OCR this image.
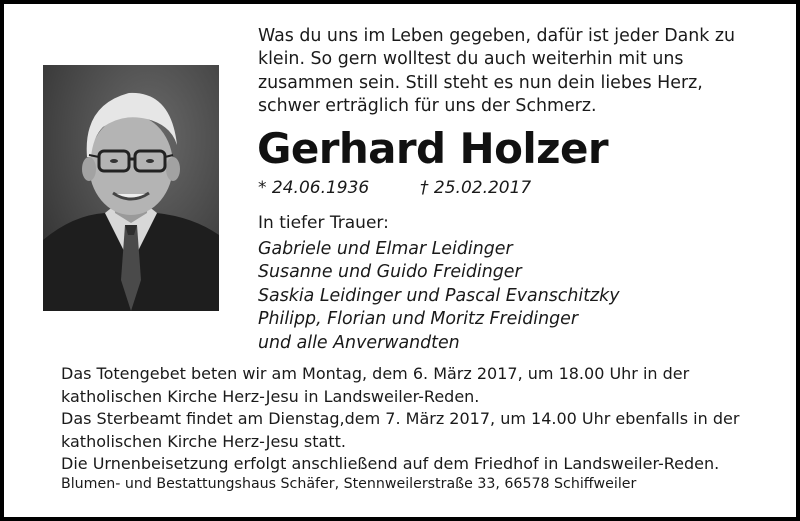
Was du uns im Leben gegeben, dafür ist jeder Dank zu
klein. So gern wolltest du auch weiterhin mit uns
zusammen sein. Still steht es nun dein liebes Herz,
schwer erträglich für uns der Schmerz.
Gerhard Holzer
* 24.06.1936	† 25.02.2017
In tiefer Trauer:
Gabriele und Elmar Leidinger
Susanne und Guido Freidinger
Saskia Leidinger und Pascal Evanschitzky
Philipp, Florian und Moritz Freidinger
und alle Anverwandten
Das Totengebet beten wir am Montag, dem 6. März 2017, um 18.00 Uhr in der
katholischen Kirche Herz-Jesu in Landsweiler-Reden.
Das Sterbeamt findet am Dienstag,dem 7. März 2017, um 14.00 Uhr ebenfalls in der
katholischen Kirche Herz-Jesu statt.
Die Urnenbeisetzung erfolgt anschließend auf dem Friedhof in Landsweiler-Reden.
Blumen- und Bestattungshaus Schäfer, Stennweilerstraße 33, 66578 Schiffweiler
